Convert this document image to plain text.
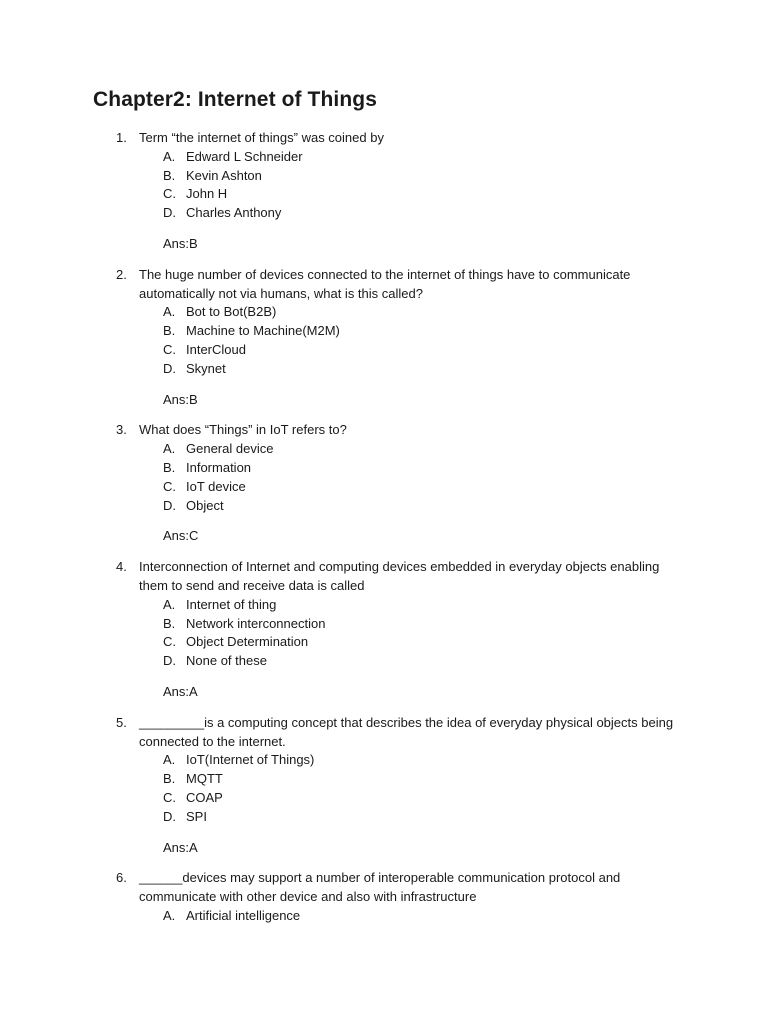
Chapter2: Internet of Things
1. Term “the internet of things” was coined by
A. Edward L Schneider
B. Kevin Ashton
C. John H
D. Charles Anthony
Ans:B
2. The huge number of devices connected to the internet of things have to communicate automatically not via humans, what is this called?
A. Bot to Bot(B2B)
B. Machine to Machine(M2M)
C. InterCloud
D. Skynet
Ans:B
3. What does “Things” in IoT refers to?
A. General device
B. Information
C. IoT device
D. Object
Ans:C
4. Interconnection of Internet and computing devices embedded in everyday objects enabling them to send and receive data is called
A. Internet of thing
B. Network interconnection
C. Object Determination
D. None of these
Ans:A
5. _________is a computing concept that describes the idea of everyday physical objects being connected to the internet.
A. IoT(Internet of Things)
B. MQTT
C. COAP
D. SPI
Ans:A
6. ______devices may support a number of interoperable communication protocol and communicate with other device and also with infrastructure
A. Artificial intelligence
